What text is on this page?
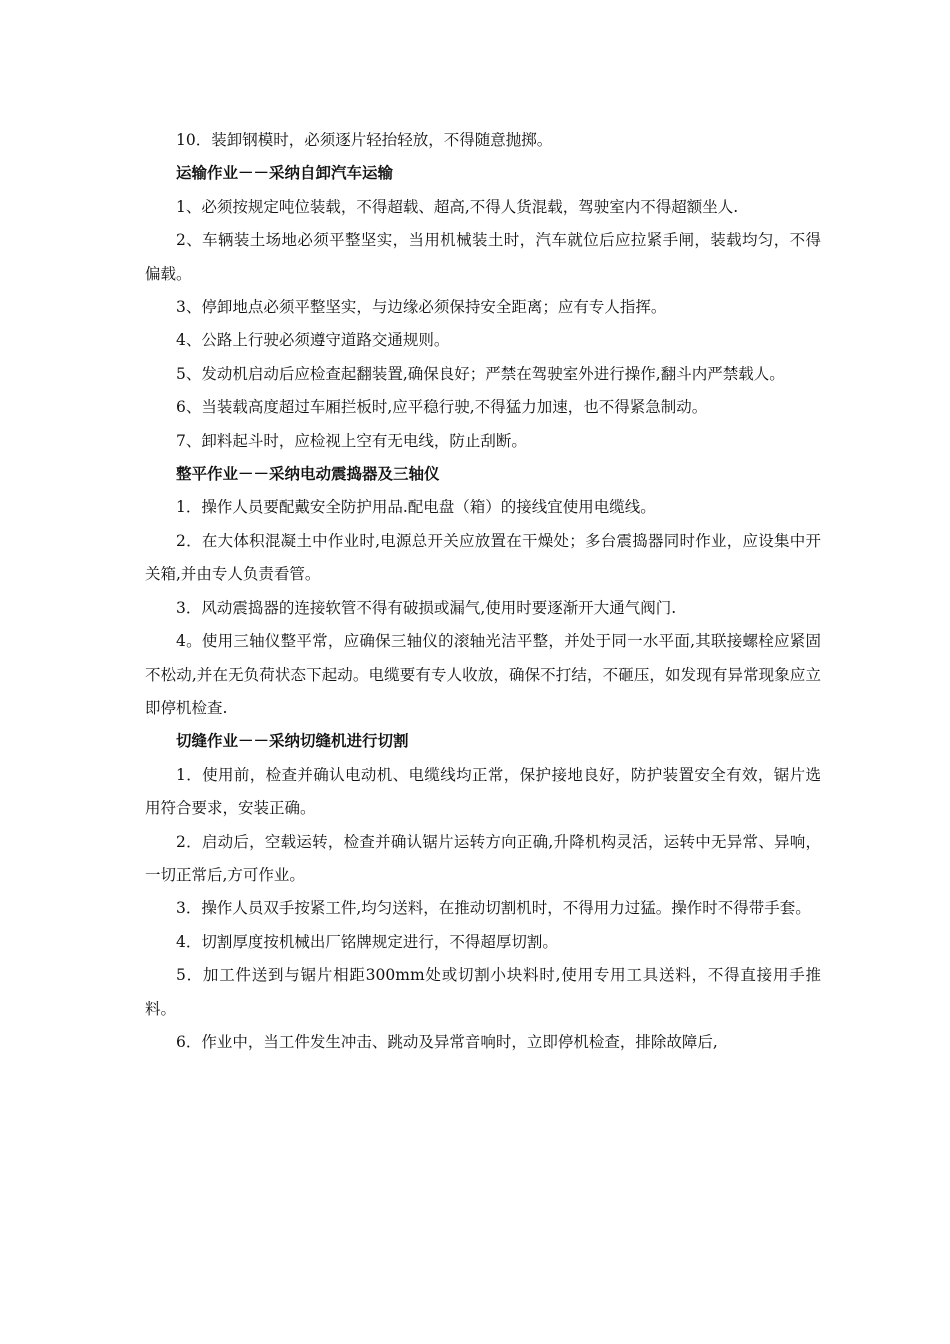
10．装卸钢模时，必须逐片轻抬轻放，不得随意抛掷。

运输作业－－采纳自卸汽车运输

1、必须按规定吨位装载，不得超载、超高,不得人货混载，驾驶室内不得超额坐人.

2、车辆装土场地必须平整坚实，当用机械装土时，汽车就位后应拉紧手闸，装载均匀，不得偏载。

3、停卸地点必须平整坚实，与边缘必须保持安全距离；应有专人指挥。

4、公路上行驶必须遵守道路交通规则。

5、发动机启动后应检查起翻装置,确保良好；严禁在驾驶室外进行操作,翻斗内严禁载人。

6、当装载高度超过车厢拦板时,应平稳行驶,不得猛力加速，也不得紧急制动。

7、卸料起斗时，应检视上空有无电线，防止刮断。

整平作业－－采纳电动震捣器及三轴仪

1．操作人员要配戴安全防护用品.配电盘（箱）的接线宜使用电缆线。

2．在大体积混凝土中作业时,电源总开关应放置在干燥处；多台震捣器同时作业，应设集中开关箱,并由专人负责看管。

3．风动震捣器的连接软管不得有破损或漏气,使用时要逐渐开大通气阀门.

4。使用三轴仪整平常，应确保三轴仪的滚轴光洁平整，并处于同一水平面,其联接螺栓应紧固不松动,并在无负荷状态下起动。电缆要有专人收放，确保不打结，不砸压，如发现有异常现象应立即停机检查.

切缝作业－－采纳切缝机进行切割

1．使用前，检查并确认电动机、电缆线均正常，保护接地良好，防护装置安全有效，锯片选用符合要求，安装正确。

2．启动后，空载运转，检查并确认锯片运转方向正确,升降机构灵活，运转中无异常、异响，一切正常后,方可作业。

3．操作人员双手按紧工件,均匀送料，在推动切割机时，不得用力过猛。操作时不得带手套。

4．切割厚度按机械出厂铭牌规定进行，不得超厚切割。

5．加工件送到与锯片相距300mm处或切割小块料时,使用专用工具送料，不得直接用手推料。

6．作业中，当工件发生冲击、跳动及异常音响时，立即停机检查，排除故障后,
